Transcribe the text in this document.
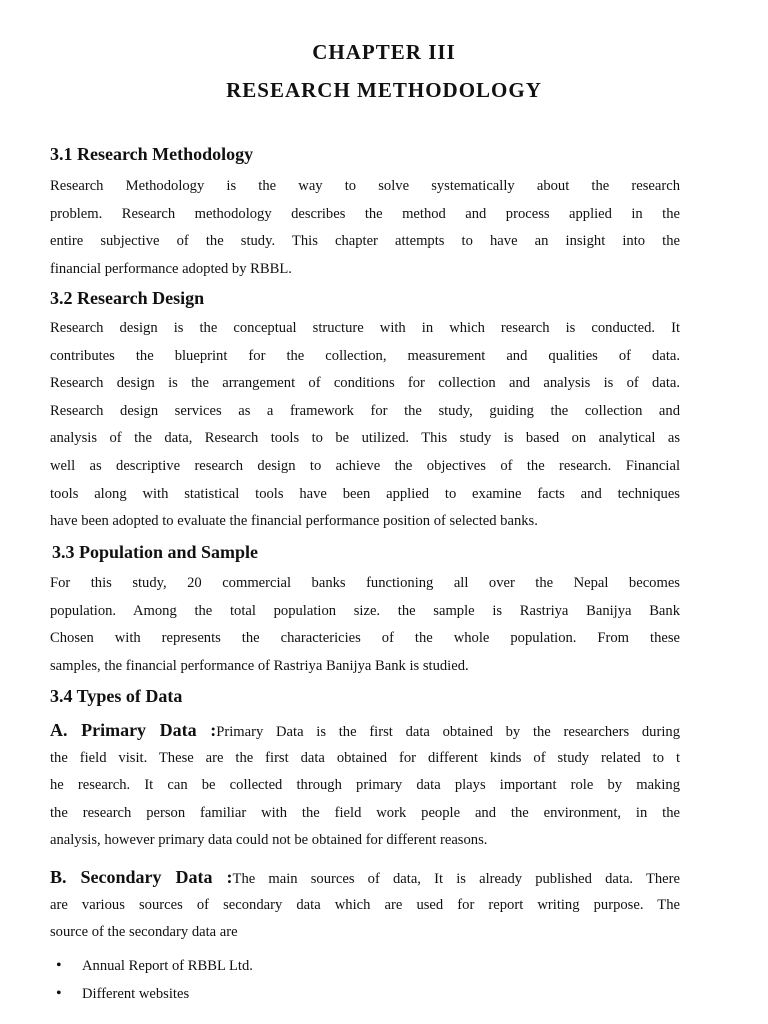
CHAPTER III
RESEARCH METHODOLOGY
3.1 Research Methodology
Research Methodology is the way to solve systematically about the research
problem. Research methodology describes the method and process applied in the
entire subjective of the study. This chapter attempts to have an insight into the
financial performance adopted by RBBL.
3.2 Research Design
Research design is the conceptual structure with in which research is conducted. It
contributes the blueprint for the collection, measurement and qualities of data.
Research design is the arrangement of conditions for collection and analysis is of data.
Research design services as a framework for the study, guiding the collection and
analysis of the data, Research tools to be utilized. This study is based on analytical as
well as descriptive research design to achieve the objectives of the research. Financial
tools along with statistical tools have been applied to examine facts and techniques
have been adopted to evaluate the financial performance position of selected banks.
3.3 Population and Sample
For this study, 20 commercial banks functioning all over the Nepal becomes
population. Among the total population size. the sample is Rastriya Banijya Bank
Chosen with represents the charactericies of the whole population. From these
samples, the financial performance of Rastriya Banijya Bank is studied.
3.4 Types of Data
A. Primary Data :Primary Data is the first data obtained by the researchers during
the field visit. These are the first data obtained for different kinds of study related to t
he research. It can be collected through primary data plays important role by making
the research person familiar with the field work people and the environment, in the
analysis, however primary data could not be obtained for different reasons.
B. Secondary Data :The main sources of data, It is already published data. There
are various sources of secondary data which are used for report writing purpose. The
source of the secondary data are
• Annual Report of RBBL Ltd.
• Different websites
